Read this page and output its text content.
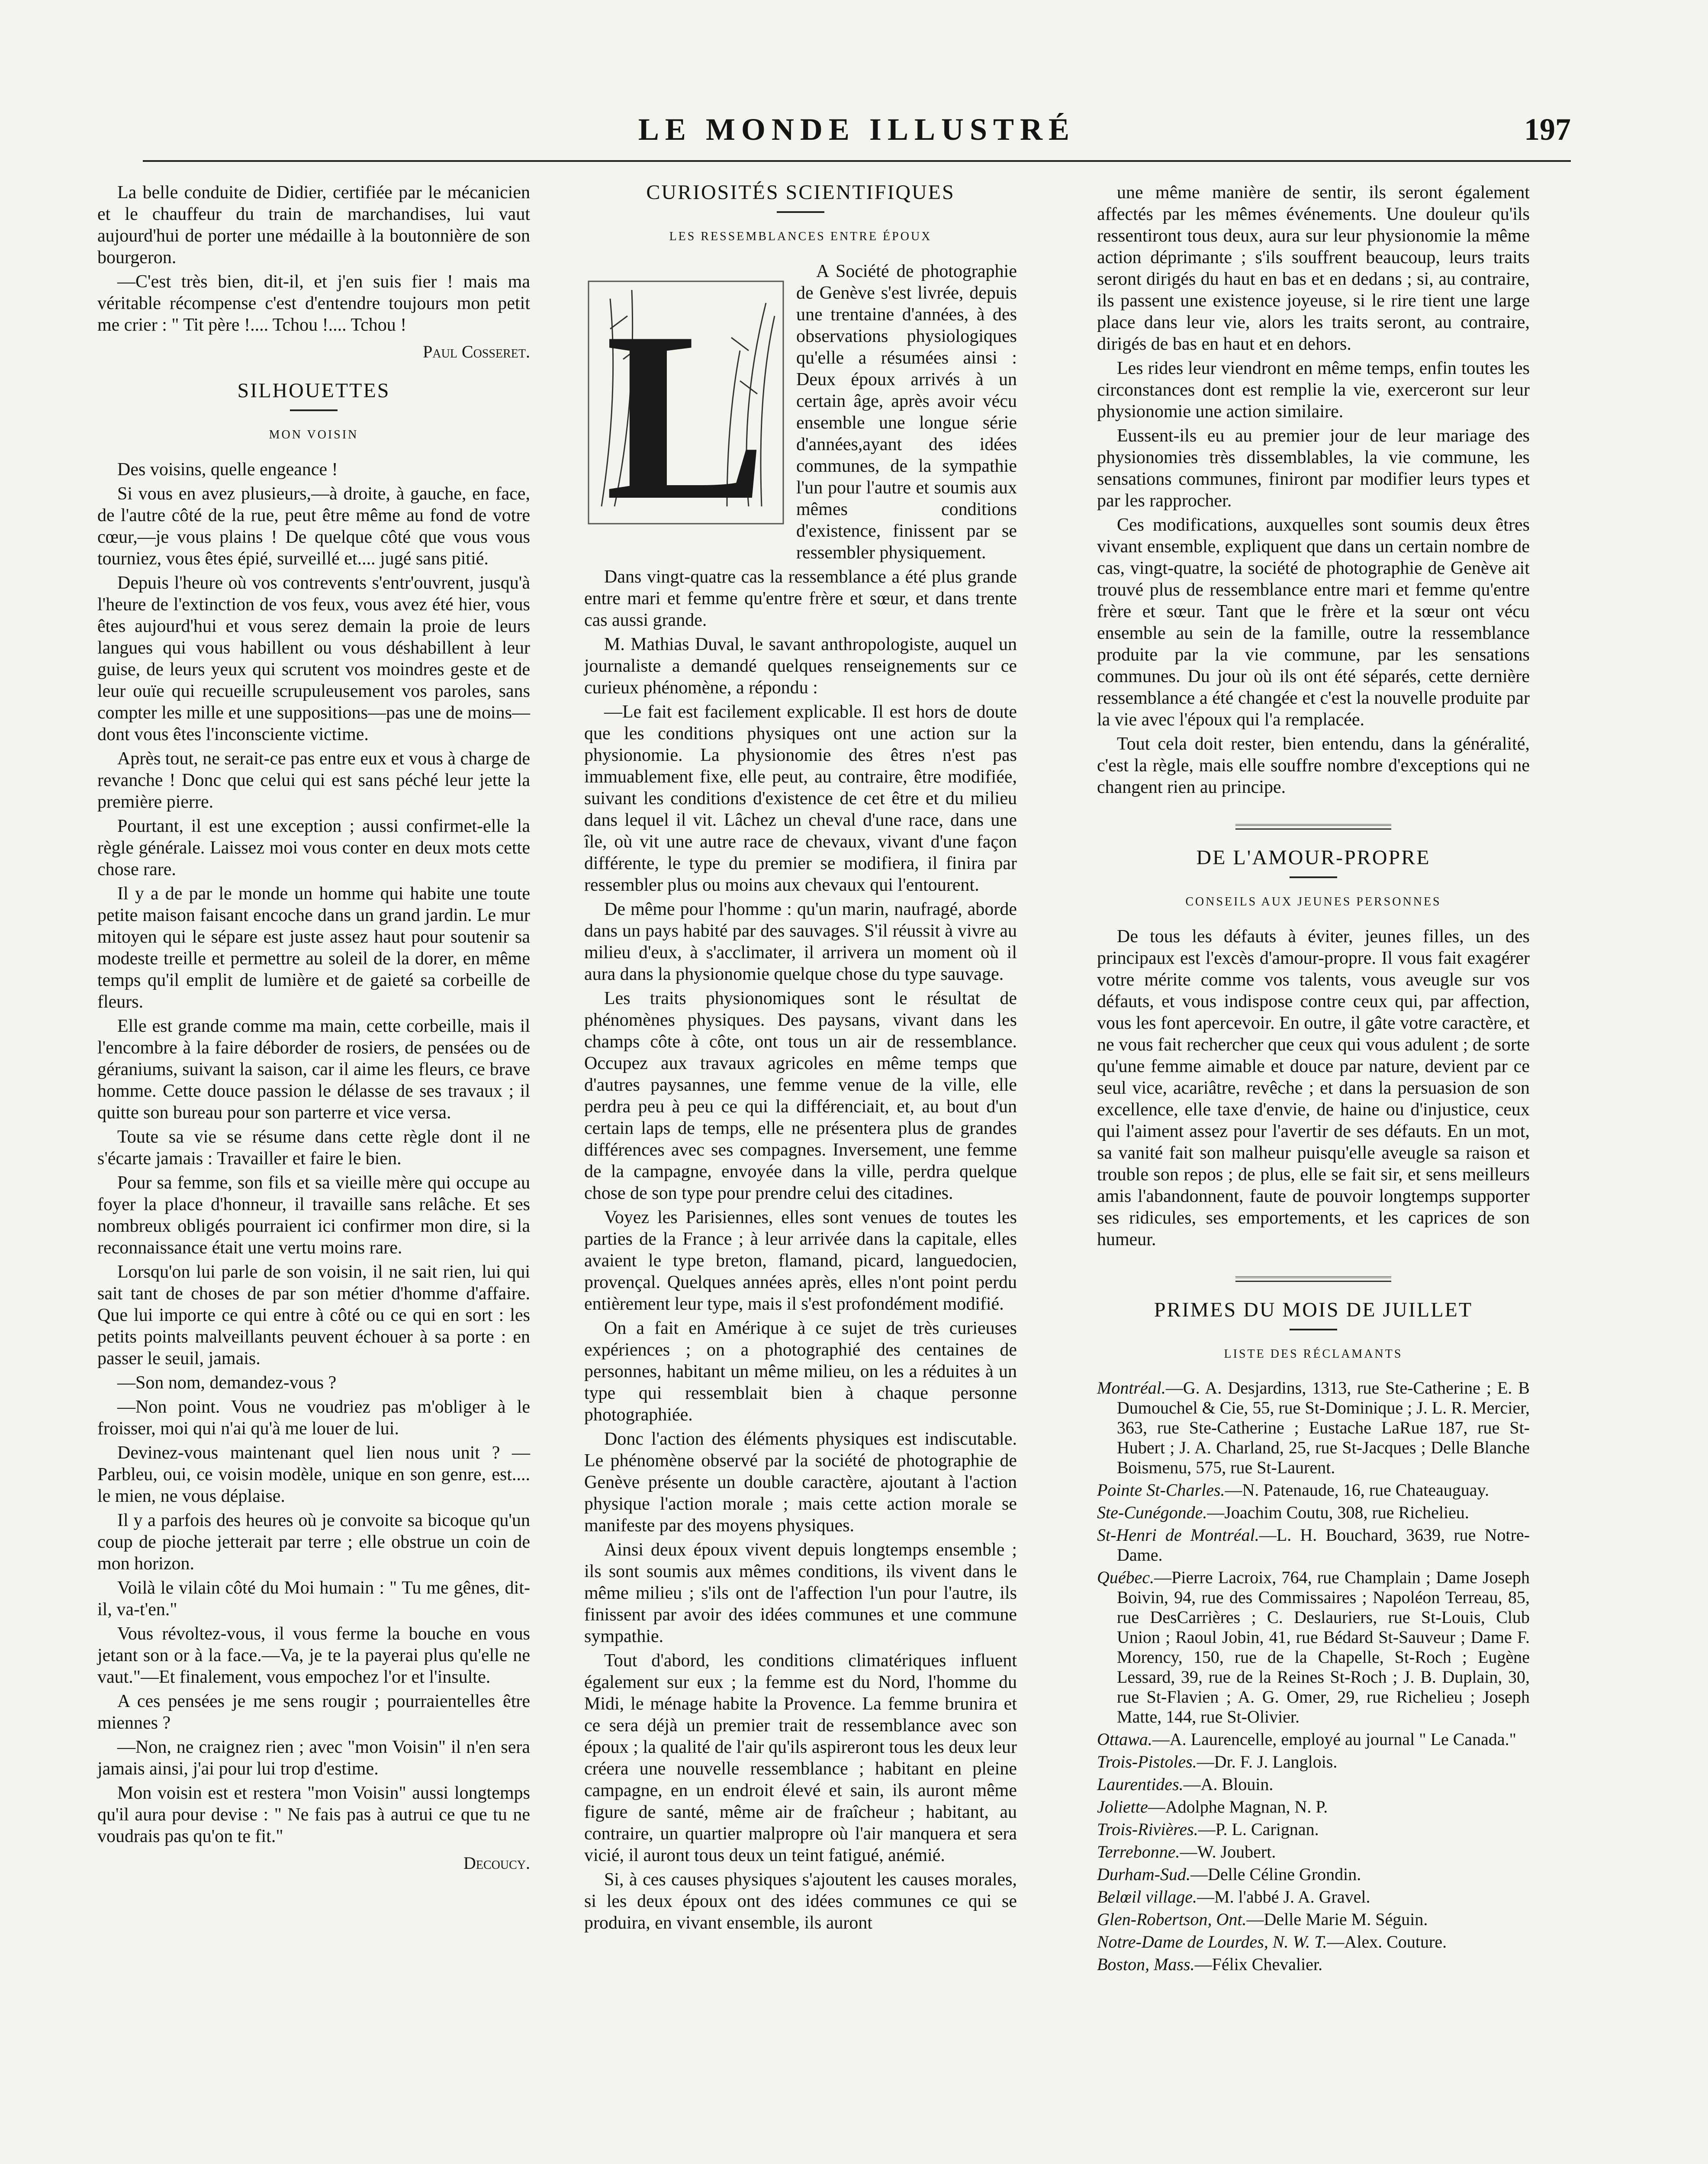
LE MONDE ILLUSTRÉ	197

La belle conduite de Didier, certifiée par le mécanicien et le chauffeur du train de marchandises, lui vaut aujourd'hui de porter une médaille à la boutonnière de son bourgeron.

—C'est très bien, dit-il, et j'en suis fier ! mais ma véritable récompense c'est d'entendre toujours mon petit me crier : " Tit père !.... Tchou !.... Tchou !

Paul Cosseret.
SILHOUETTES
MON VOISIN

Des voisins, quelle engeance !

Si vous en avez plusieurs,—à droite, à gauche, en face, de l'autre côté de la rue, peut être même au fond de votre cœur,—je vous plains ! De quelque côté que vous vous tourniez, vous êtes épié, surveillé et.... jugé sans pitié.

Depuis l'heure où vos contrevents s'entr'ouvrent, jusqu'à l'heure de l'extinction de vos feux, vous avez été hier, vous êtes aujourd'hui et vous serez demain la proie de leurs langues qui vous habillent ou vous déshabillent à leur guise, de leurs yeux qui scrutent vos moindres geste et de leur ouïe qui recueille scrupuleusement vos paroles, sans compter les mille et une suppositions—pas une de moins—dont vous êtes l'inconsciente victime.

Après tout, ne serait-ce pas entre eux et vous à charge de revanche ! Donc que celui qui est sans péché leur jette la première pierre.

Pourtant, il est une exception ; aussi confirmet-elle la règle générale. Laissez moi vous conter en deux mots cette chose rare.

Il y a de par le monde un homme qui habite une toute petite maison faisant encoche dans un grand jardin. Le mur mitoyen qui le sépare est juste assez haut pour soutenir sa modeste treille et permettre au soleil de la dorer, en même temps qu'il emplit de lumière et de gaieté sa corbeille de fleurs.

Elle est grande comme ma main, cette corbeille, mais il l'encombre à la faire déborder de rosiers, de pensées ou de géraniums, suivant la saison, car il aime les fleurs, ce brave homme. Cette douce passion le délasse de ses travaux ; il quitte son bureau pour son parterre et vice versa.

Toute sa vie se résume dans cette règle dont il ne s'écarte jamais : Travailler et faire le bien.

Pour sa femme, son fils et sa vieille mère qui occupe au foyer la place d'honneur, il travaille sans relâche. Et ses nombreux obligés pourraient ici confirmer mon dire, si la reconnaissance était une vertu moins rare.

Lorsqu'on lui parle de son voisin, il ne sait rien, lui qui sait tant de choses de par son métier d'homme d'affaire. Que lui importe ce qui entre à côté ou ce qui en sort : les petits points malveillants peuvent échouer à sa porte : en passer le seuil, jamais.

—Son nom, demandez-vous ?

—Non point. Vous ne voudriez pas m'obliger à le froisser, moi qui n'ai qu'à me louer de lui.

Devinez-vous maintenant quel lien nous unit ? —Parbleu, oui, ce voisin modèle, unique en son genre, est.... le mien, ne vous déplaise.

Il y a parfois des heures où je convoite sa bicoque qu'un coup de pioche jetterait par terre ; elle obstrue un coin de mon horizon.

Voilà le vilain côté du Moi humain : " Tu me gênes, dit-il, va-t'en."

Vous révoltez-vous, il vous ferme la bouche en vous jetant son or à la face.—Va, je te la payerai plus qu'elle ne vaut."—Et finalement, vous empochez l'or et l'insulte.

A ces pensées je me sens rougir ; pourraientelles être miennes ?

—Non, ne craignez rien ; avec "mon Voisin" il n'en sera jamais ainsi, j'ai pour lui trop d'estime.

Mon voisin est et restera "mon Voisin" aussi longtemps qu'il aura pour devise : " Ne fais pas à autrui ce que tu ne voudrais pas qu'on te fit."

Decoucy.
CURIOSITÉS SCIENTIFIQUES
LES RESSEMBLANCES ENTRE ÉPOUX
L

A Société de photographie de Genève s'est livrée, depuis une trentaine d'années, à des observations physiologiques qu'elle a résumées ainsi : Deux époux arrivés à un certain âge, après avoir vécu ensemble une longue série d'années,ayant des idées communes, de la sympathie l'un pour l'autre et soumis aux mêmes conditions d'existence, finissent par se ressembler physiquement.

Dans vingt-quatre cas la ressemblance a été plus grande entre mari et femme qu'entre frère et sœur, et dans trente cas aussi grande.

M. Mathias Duval, le savant anthropologiste, auquel un journaliste a demandé quelques renseignements sur ce curieux phénomène, a répondu :

—Le fait est facilement explicable. Il est hors de doute que les conditions physiques ont une action sur la physionomie. La physionomie des êtres n'est pas immuablement fixe, elle peut, au contraire, être modifiée, suivant les conditions d'existence de cet être et du milieu dans lequel il vit. Lâchez un cheval d'une race, dans une île, où vit une autre race de chevaux, vivant d'une façon différente, le type du premier se modifiera, il finira par ressembler plus ou moins aux chevaux qui l'entourent.

De même pour l'homme : qu'un marin, naufragé, aborde dans un pays habité par des sauvages. S'il réussit à vivre au milieu d'eux, à s'acclimater, il arrivera un moment où il aura dans la physionomie quelque chose du type sauvage.

Les traits physionomiques sont le résultat de phénomènes physiques. Des paysans, vivant dans les champs côte à côte, ont tous un air de ressemblance. Occupez aux travaux agricoles en même temps que d'autres paysannes, une femme venue de la ville, elle perdra peu à peu ce qui la différenciait, et, au bout d'un certain laps de temps, elle ne présentera plus de grandes différences avec ses compagnes. Inversement, une femme de la campagne, envoyée dans la ville, perdra quelque chose de son type pour prendre celui des citadines.

Voyez les Parisiennes, elles sont venues de toutes les parties de la France ; à leur arrivée dans la capitale, elles avaient le type breton, flamand, picard, languedocien, provençal. Quelques années après, elles n'ont point perdu entièrement leur type, mais il s'est profondément modifié.

On a fait en Amérique à ce sujet de très curieuses expériences ; on a photographié des centaines de personnes, habitant un même milieu, on les a réduites à un type qui ressemblait bien à chaque personne photographiée.

Donc l'action des éléments physiques est indiscutable. Le phénomène observé par la société de photographie de Genève présente un double caractère, ajoutant à l'action physique l'action morale ; mais cette action morale se manifeste par des moyens physiques.

Ainsi deux époux vivent depuis longtemps ensemble ; ils sont soumis aux mêmes conditions, ils vivent dans le même milieu ; s'ils ont de l'affection l'un pour l'autre, ils finissent par avoir des idées communes et une commune sympathie.

Tout d'abord, les conditions climatériques influent également sur eux ; la femme est du Nord, l'homme du Midi, le ménage habite la Provence. La femme brunira et ce sera déjà un premier trait de ressemblance avec son époux ; la qualité de l'air qu'ils aspireront tous les deux leur créera une nouvelle ressemblance ; habitant en pleine campagne, en un endroit élevé et sain, ils auront même figure de santé, même air de fraîcheur ; habitant, au contraire, un quartier malpropre où l'air manquera et sera vicié, il auront tous deux un teint fatigué, anémié.

Si, à ces causes physiques s'ajoutent les causes morales, si les deux époux ont des idées communes ce qui se produira, en vivant ensemble, ils auront

une même manière de sentir, ils seront également affectés par les mêmes événements. Une douleur qu'ils ressentiront tous deux, aura sur leur physionomie la même action déprimante ; s'ils souffrent beaucoup, leurs traits seront dirigés du haut en bas et en dedans ; si, au contraire, ils passent une existence joyeuse, si le rire tient une large place dans leur vie, alors les traits seront, au contraire, dirigés de bas en haut et en dehors.

Les rides leur viendront en même temps, enfin toutes les circonstances dont est remplie la vie, exerceront sur leur physionomie une action similaire.

Eussent-ils eu au premier jour de leur mariage des physionomies très dissemblables, la vie commune, les sensations communes, finiront par modifier leurs types et par les rapprocher.

Ces modifications, auxquelles sont soumis deux êtres vivant ensemble, expliquent que dans un certain nombre de cas, vingt-quatre, la société de photographie de Genève ait trouvé plus de ressemblance entre mari et femme qu'entre frère et sœur. Tant que le frère et la sœur ont vécu ensemble au sein de la famille, outre la ressemblance produite par la vie commune, par les sensations communes. Du jour où ils ont été séparés, cette dernière ressemblance a été changée et c'est la nouvelle produite par la vie avec l'époux qui l'a remplacée.

Tout cela doit rester, bien entendu, dans la généralité, c'est la règle, mais elle souffre nombre d'exceptions qui ne changent rien au principe.

DE L'AMOUR-PROPRE
CONSEILS AUX JEUNES PERSONNES

De tous les défauts à éviter, jeunes filles, un des principaux est l'excès d'amour-propre. Il vous fait exagérer votre mérite comme vos talents, vous aveugle sur vos défauts, et vous indispose contre ceux qui, par affection, vous les font apercevoir. En outre, il gâte votre caractère, et ne vous fait rechercher que ceux qui vous adulent ; de sorte qu'une femme aimable et douce par nature, devient par ce seul vice, acariâtre, revêche ; et dans la persuasion de son excellence, elle taxe d'envie, de haine ou d'injustice, ceux qui l'aiment assez pour l'avertir de ses défauts. En un mot, sa vanité fait son malheur puisqu'elle aveugle sa raison et trouble son repos ; de plus, elle se fait sir, et sens meilleurs amis l'abandonnent, faute de pouvoir longtemps supporter ses ridicules, ses emportements, et les caprices de son humeur.

PRIMES DU MOIS DE JUILLET
LISTE DES RÉCLAMANTS
Montréal.—G. A. Desjardins, 1313, rue Ste-Catherine ; E. B Dumouchel & Cie, 55, rue St-Dominique ; J. L. R. Mercier, 363, rue Ste-Catherine ; Eustache LaRue 187, rue St-Hubert ; J. A. Charland, 25, rue St-Jacques ; Delle Blanche Boismenu, 575, rue St-Laurent.
Pointe St-Charles.—N. Patenaude, 16, rue Chateauguay.
Ste-Cunégonde.—Joachim Coutu, 308, rue Richelieu.
St-Henri de Montréal.—L. H. Bouchard, 3639, rue Notre-Dame.
Québec.—Pierre Lacroix, 764, rue Champlain ; Dame Joseph Boivin, 94, rue des Commissaires ; Napoléon Terreau, 85, rue DesCarrières ; C. Deslauriers, rue St-Louis, Club Union ; Raoul Jobin, 41, rue Bédard St-Sauveur ; Dame F. Morency, 150, rue de la Chapelle, St-Roch ; Eugène Lessard, 39, rue de la Reines St-Roch ; J. B. Duplain, 30, rue St-Flavien ; A. G. Omer, 29, rue Richelieu ; Joseph Matte, 144, rue St-Olivier.
Ottawa.—A. Laurencelle, employé au journal " Le Canada."
Trois-Pistoles.—Dr. F. J. Langlois.
Laurentides.—A. Blouin.
Joliette—Adolphe Magnan, N. P.
Trois-Rivières.—P. L. Carignan.
Terrebonne.—W. Joubert.
Durham-Sud.—Delle Céline Grondin.
Belœil village.—M. l'abbé J. A. Gravel.
Glen-Robertson, Ont.—Delle Marie M. Séguin.
Notre-Dame de Lourdes, N. W. T.—Alex. Couture.
Boston, Mass.—Félix Chevalier.
